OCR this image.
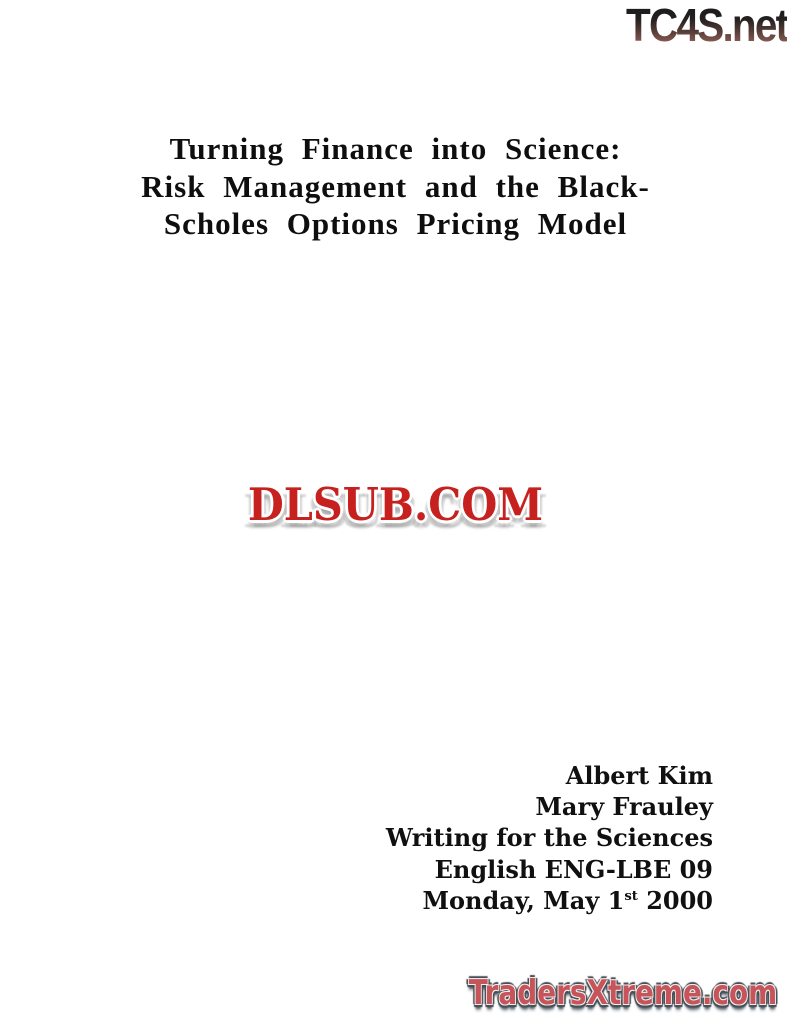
TC4S.net
Turning Finance into Science:
Risk Management and the Black-
Scholes Options Pricing Model
DLSUB.COM
Albert Kim
Mary Frauley
Writing for the Sciences
English ENG-LBE 09
Monday, May 1st 2000
TradersXtreme.com
